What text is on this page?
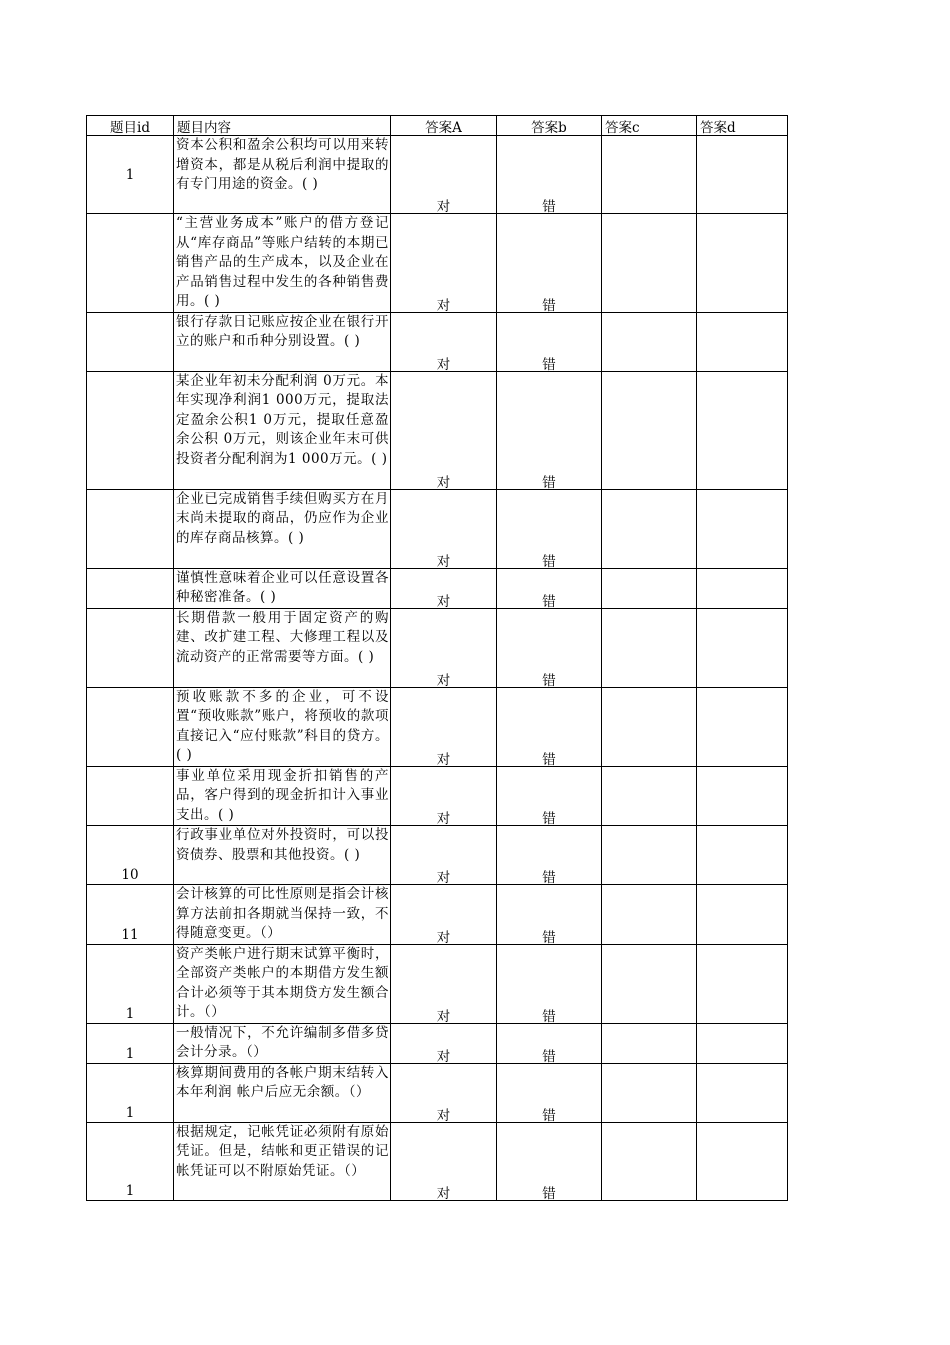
题目id	题目内容	答案A	答案b	答案c	答案d
1	资本公积和盈余公积均可以用来转增资本，都是从税后利润中提取的有专门用途的资金。( )	对	错		
	“主营业务成本”账户的借方登记从“库存商品”等账户结转的本期已销售产品的生产成本，以及企业在产品销售过程中发生的各种销售费用。( )	对	错		
	银行存款日记账应按企业在银行开立的账户和币种分别设置。( )	对	错		
	某企业年初未分配利润 0万元。本年实现净利润1 000万元，提取法定盈余公积1 0万元，提取任意盈余公积 0万元，则该企业年末可供投资者分配利润为1 000万元。( )	对	错		
	企业已完成销售手续但购买方在月末尚未提取的商品，仍应作为企业的库存商品核算。( )	对	错		
	谨慎性意味着企业可以任意设置各种秘密准备。( )	对	错		
	长期借款一般用于固定资产的购建、改扩建工程、大修理工程以及流动资产的正常需要等方面。( )	对	错		
	预收账款不多的企业，可不设置“预收账款”账户，将预收的款项直接记入“应付账款”科目的贷方。( )	对	错		
	事业单位采用现金折扣销售的产品，客户得到的现金折扣计入事业支出。( )	对	错		
10	行政事业单位对外投资时，可以投资债券、股票和其他投资。( )	对	错		
11	会计核算的可比性原则是指会计核算方法前扣各期就当保持一致，不得随意变更。（）	对	错		
1	资产类帐户进行期末试算平衡时，全部资产类帐户的本期借方发生额合计必须等于其本期贷方发生额合计。（）	对	错		
1	一般情况下，不允许编制多借多贷会计分录。（）	对	错		
1	核算期间费用的各帐户期末结转入 本年利润 帐户后应无余额。（）	对	错		
1	根据规定，记帐凭证必须附有原始凭证。但是，结帐和更正错误的记帐凭证可以不附原始凭证。（）	对	错		
